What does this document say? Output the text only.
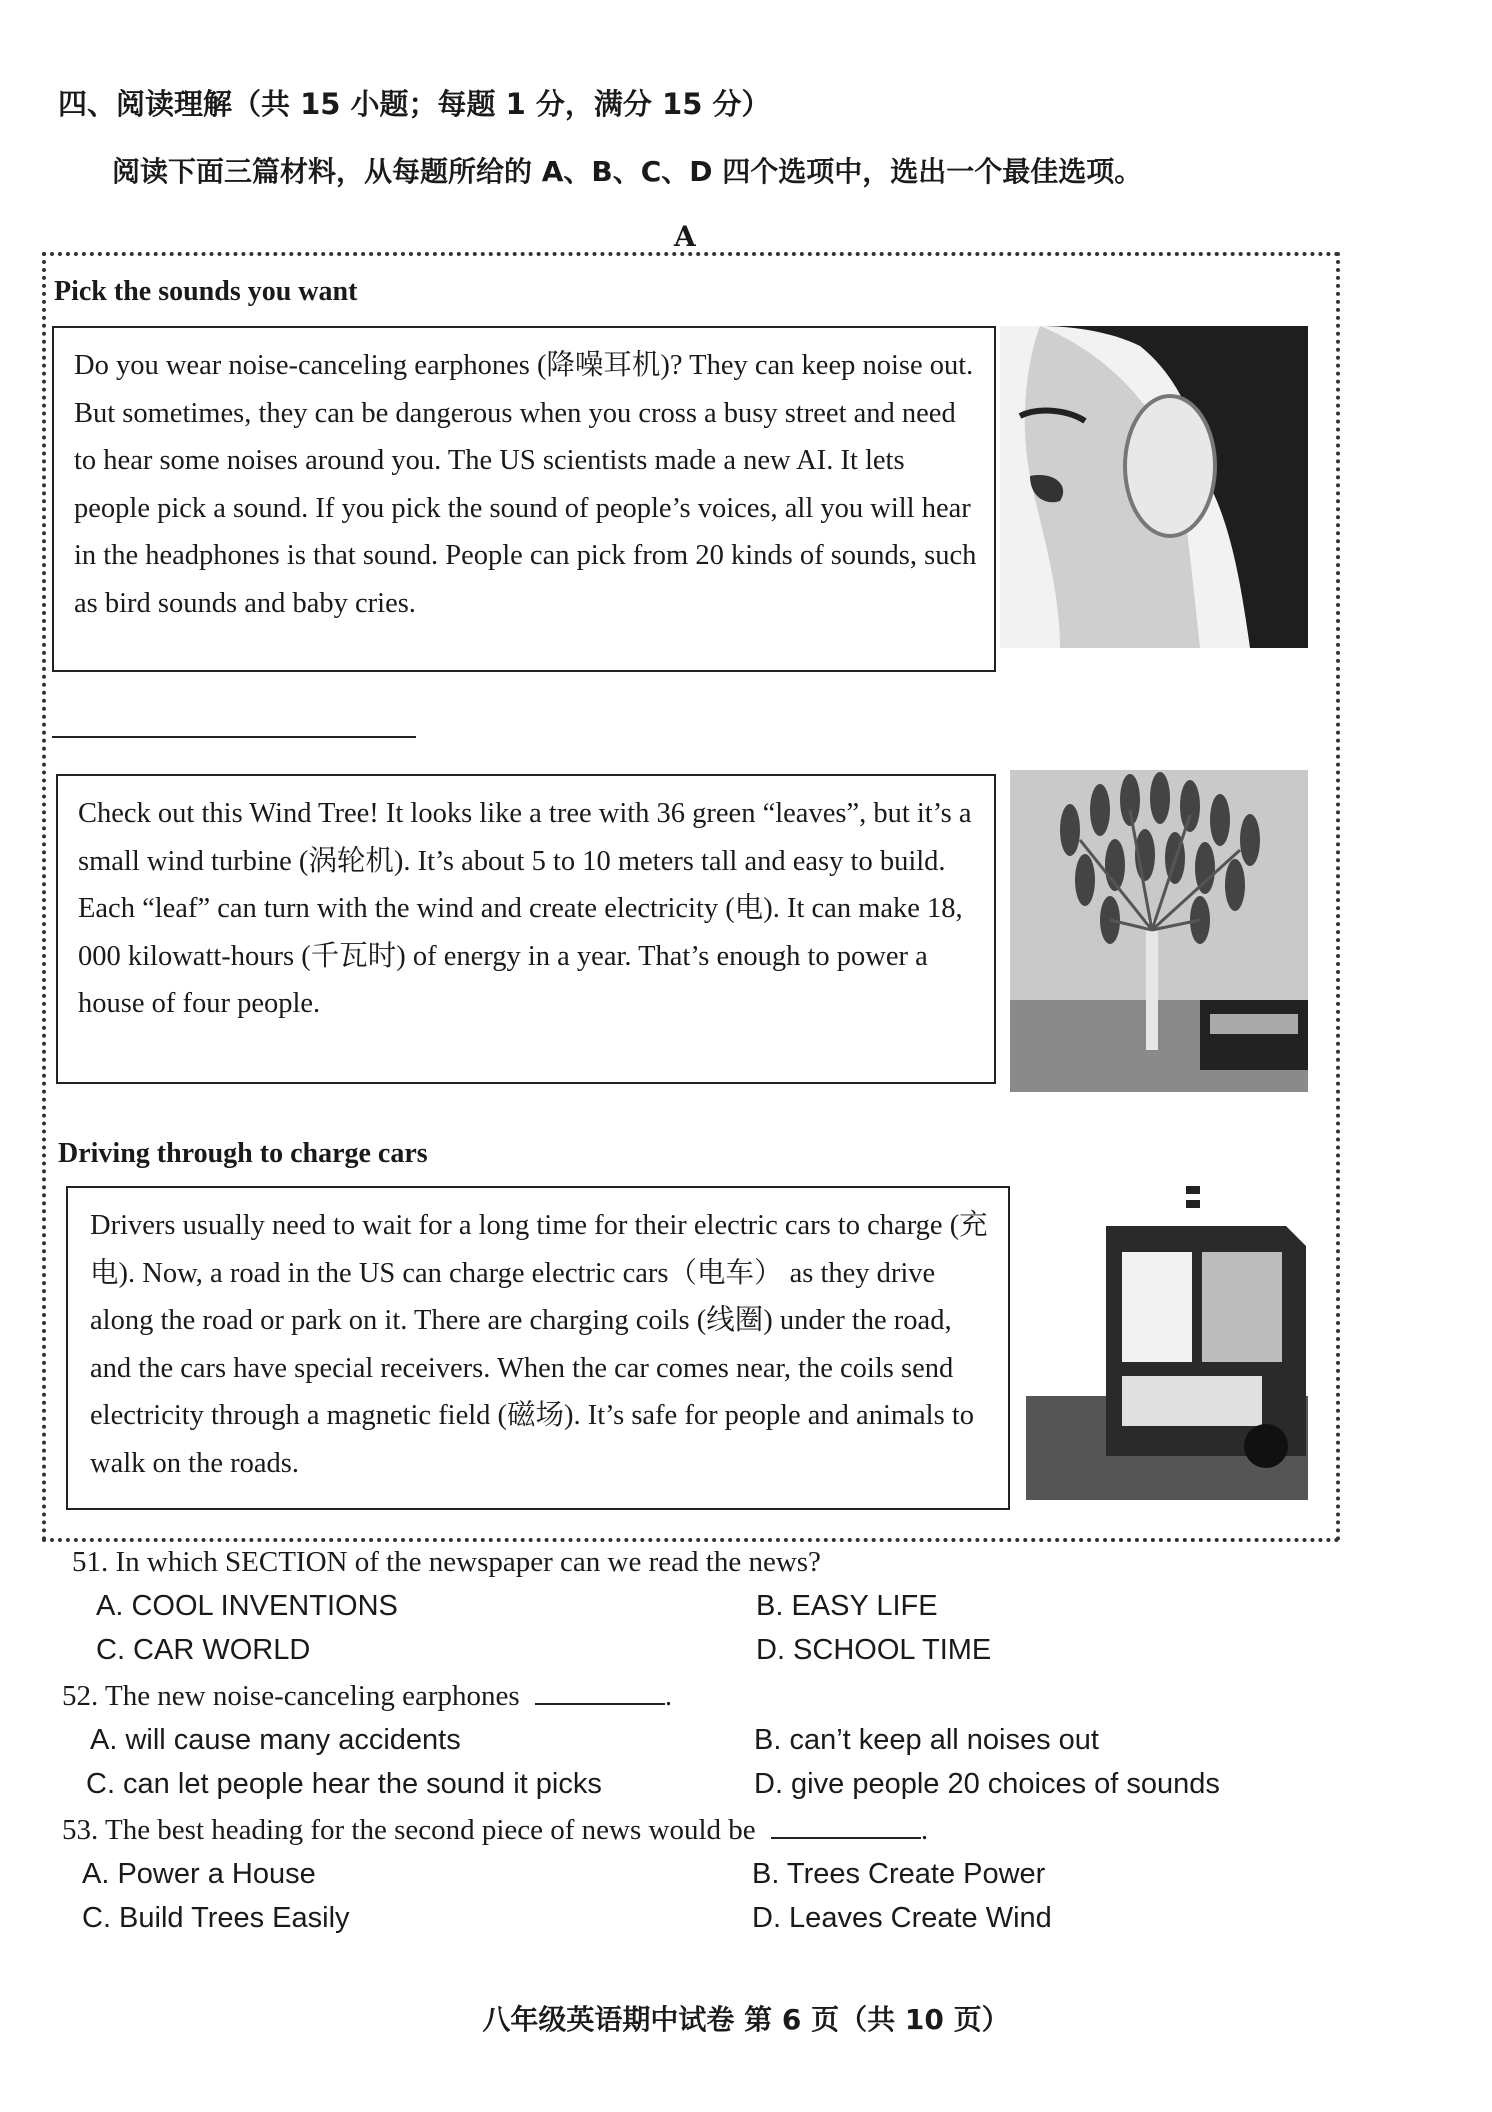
四、阅读理解（共 15 小题；每题 1 分，满分 15 分）
阅读下面三篇材料，从每题所给的 A、B、C、D 四个选项中，选出一个最佳选项。
A
Pick the sounds you want
Do you wear noise-canceling earphones (降噪耳机)? They can keep noise out. But sometimes, they can be dangerous when you cross a busy street and need to hear some noises around you. The US scientists made a new AI. It lets people pick a sound. If you pick the sound of people’s voices, all you will hear in the headphones is that sound. People can pick from 20 kinds of sounds, such as bird sounds and baby cries.
Check out this Wind Tree! It looks like a tree with 36 green “leaves”, but it’s a small wind turbine (涡轮机). It’s about 5 to 10 meters tall and easy to build. Each “leaf” can turn with the wind and create electricity (电). It can make 18, 000 kilowatt-hours (千瓦时) of energy in a year. That’s enough to power a house of four people.
Driving through to charge cars
Drivers usually need to wait for a long time for their electric cars to charge (充电). Now, a road in the US can charge electric cars（电车） as they drive along the road or park on it. There are charging coils (线圈) under the road, and the cars have special receivers. When the car comes near, the coils send electricity through a magnetic field (磁场). It’s safe for people and animals to walk on the roads.
51. In which SECTION of the newspaper can we read the news?
A. COOL INVENTIONS	B. EASY LIFE
C. CAR WORLD	D. SCHOOL TIME
52. The new noise-canceling earphones	.
A. will cause many accidents	B. can’t keep all noises out
C. can let people hear the sound it picks	D. give people 20 choices of sounds
53. The best heading for the second piece of news would be	.
A. Power a House	B. Trees Create Power
C. Build Trees Easily	D. Leaves Create Wind
八年级英语期中试卷 第 6 页（共 10 页）
